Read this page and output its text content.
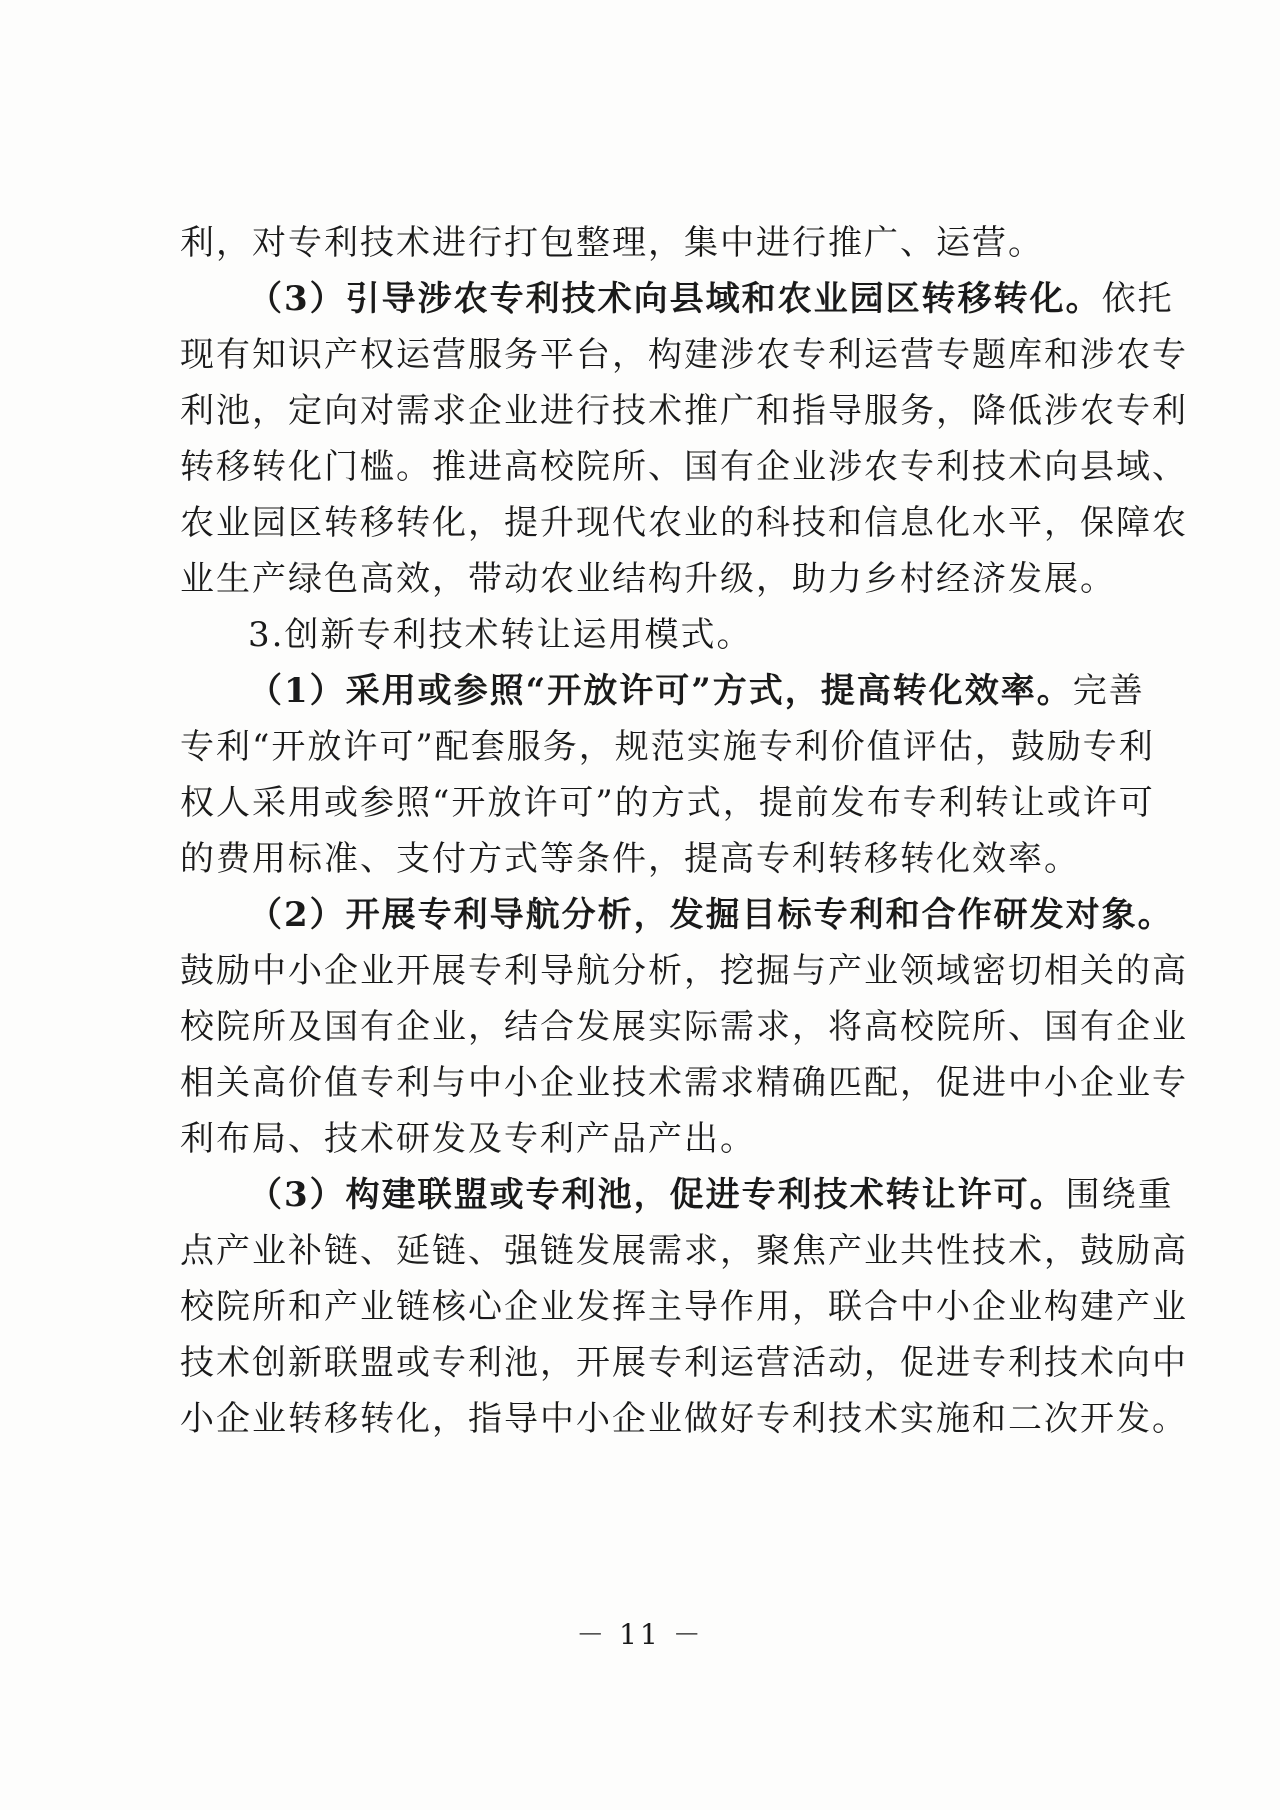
利，对专利技术进行打包整理，集中进行推广、运营。
（3）引导涉农专利技术向县域和农业园区转移转化。依托
现有知识产权运营服务平台，构建涉农专利运营专题库和涉农专
利池，定向对需求企业进行技术推广和指导服务，降低涉农专利
转移转化门槛。推进高校院所、国有企业涉农专利技术向县域、
农业园区转移转化，提升现代农业的科技和信息化水平，保障农
业生产绿色高效，带动农业结构升级，助力乡村经济发展。
3.创新专利技术转让运用模式。
（1）采用或参照“开放许可”方式，提高转化效率。完善
专利“开放许可”配套服务，规范实施专利价值评估，鼓励专利
权人采用或参照“开放许可”的方式，提前发布专利转让或许可
的费用标准、支付方式等条件，提高专利转移转化效率。
（2）开展专利导航分析，发掘目标专利和合作研发对象。
鼓励中小企业开展专利导航分析，挖掘与产业领域密切相关的高
校院所及国有企业，结合发展实际需求，将高校院所、国有企业
相关高价值专利与中小企业技术需求精确匹配，促进中小企业专
利布局、技术研发及专利产品产出。
（3）构建联盟或专利池，促进专利技术转让许可。围绕重
点产业补链、延链、强链发展需求，聚焦产业共性技术，鼓励高
校院所和产业链核心企业发挥主导作用，联合中小企业构建产业
技术创新联盟或专利池，开展专利运营活动，促进专利技术向中
小企业转移转化，指导中小企业做好专利技术实施和二次开发。
－ 11 －
